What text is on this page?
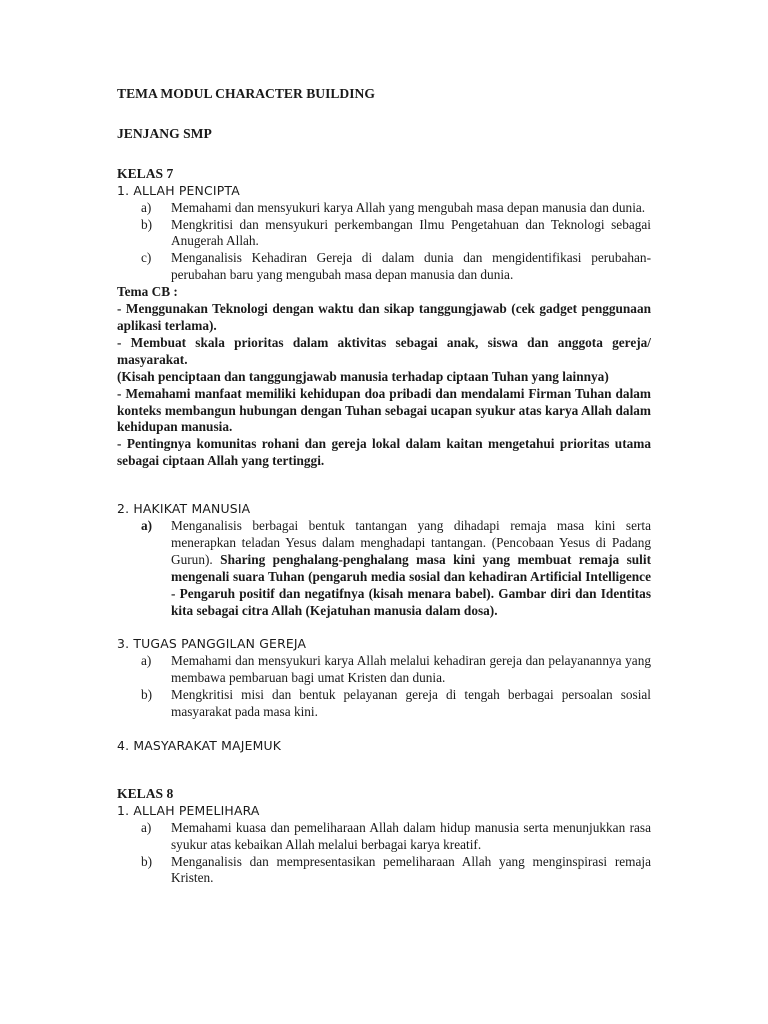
TEMA MODUL CHARACTER BUILDING
JENJANG SMP
KELAS 7
1. ALLAH PENCIPTA
a)	Memahami dan mensyukuri karya Allah yang mengubah masa depan manusia dan dunia.
b)	Mengkritisi dan mensyukuri perkembangan Ilmu Pengetahuan dan Teknologi sebagai Anugerah Allah.
c)	Menganalisis Kehadiran Gereja di dalam dunia dan mengidentifikasi perubahan-perubahan baru yang mengubah masa depan manusia dan dunia.
Tema CB :
- Menggunakan Teknologi dengan waktu dan sikap tanggungjawab (cek gadget penggunaan aplikasi terlama).
- Membuat skala prioritas dalam aktivitas sebagai anak, siswa dan anggota gereja/ masyarakat.
(Kisah penciptaan dan tanggungjawab manusia terhadap ciptaan Tuhan yang lainnya)
- Memahami manfaat memiliki kehidupan doa pribadi dan mendalami Firman Tuhan dalam konteks membangun hubungan dengan Tuhan sebagai ucapan syukur atas karya Allah dalam kehidupan manusia.
- Pentingnya komunitas rohani dan gereja lokal dalam kaitan mengetahui prioritas utama sebagai ciptaan Allah yang tertinggi.
2. HAKIKAT MANUSIA
a)	Menganalisis berbagai bentuk tantangan yang dihadapi remaja masa kini serta menerapkan teladan Yesus dalam menghadapi tantangan. (Pencobaan Yesus di Padang Gurun). Sharing penghalang-penghalang masa kini yang membuat remaja sulit mengenali suara Tuhan (pengaruh media sosial dan kehadiran Artificial Intelligence - Pengaruh positif dan negatifnya (kisah menara babel). Gambar diri dan Identitas kita sebagai citra Allah (Kejatuhan manusia dalam dosa).
3. TUGAS PANGGILAN GEREJA
a)	Memahami dan mensyukuri karya Allah melalui kehadiran gereja dan pelayanannya yang membawa pembaruan bagi umat Kristen dan dunia.
b)	Mengkritisi misi dan bentuk pelayanan gereja di tengah berbagai persoalan sosial masyarakat pada masa kini.
4. MASYARAKAT MAJEMUK
KELAS 8
1. ALLAH PEMELIHARA
a)	Memahami kuasa dan pemeliharaan Allah dalam hidup manusia serta menunjukkan rasa syukur atas kebaikan Allah melalui berbagai karya kreatif.
b)	Menganalisis dan mempresentasikan pemeliharaan Allah yang menginspirasi remaja Kristen.
